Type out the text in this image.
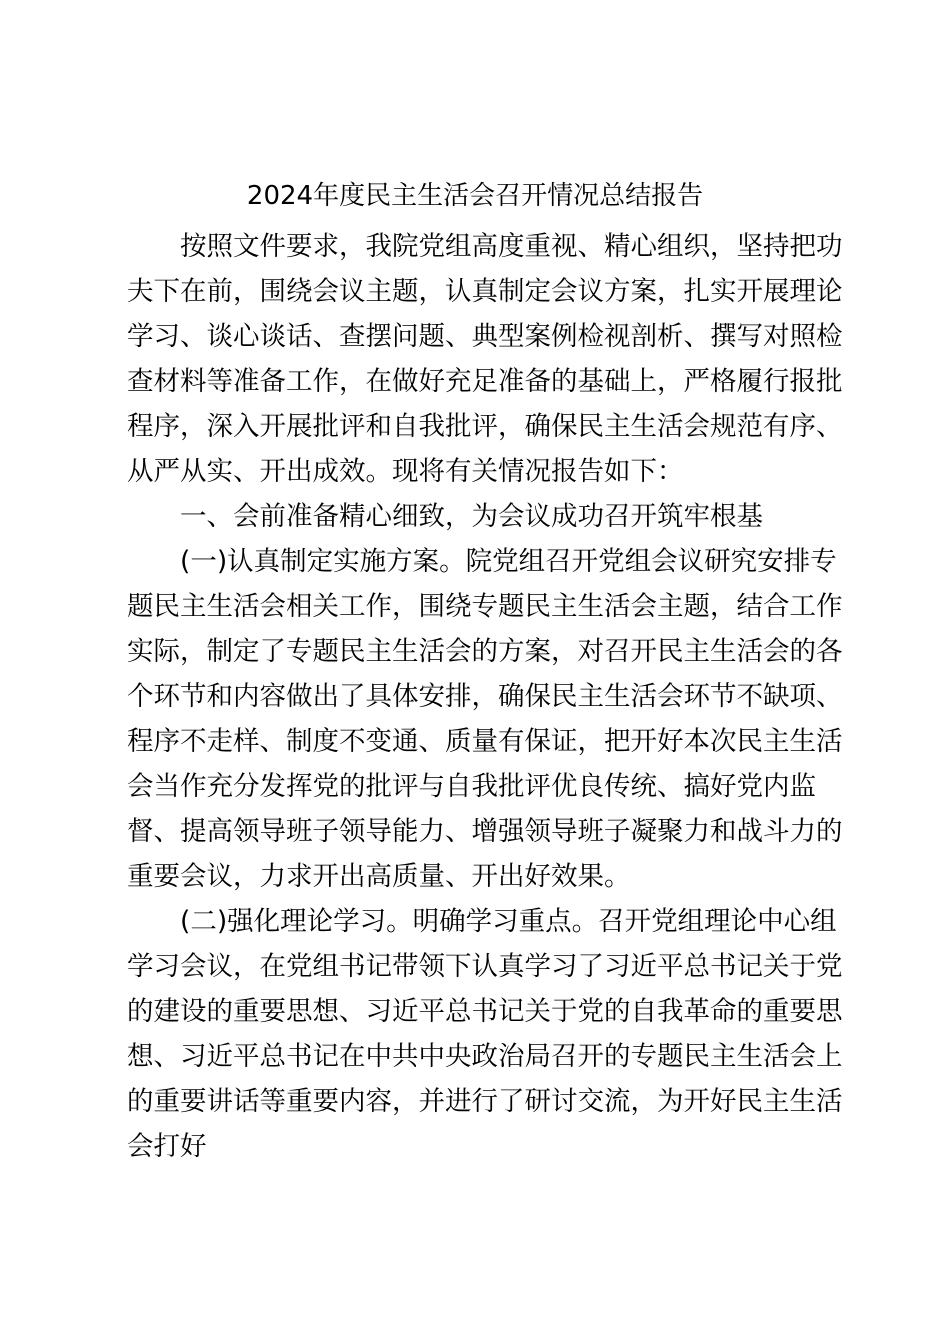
2024年度民主生活会召开情况总结报告
按照文件要求，我院党组高度重视、精心组织，坚持把功
夫下在前，围绕会议主题，认真制定会议方案，扎实开展理论
学习、谈心谈话、查摆问题、典型案例检视剖析、撰写对照检
查材料等准备工作，在做好充足准备的基础上，严格履行报批
程序，深入开展批评和自我批评，确保民主生活会规范有序、
从严从实、开出成效。现将有关情况报告如下：
一、会前准备精心细致，为会议成功召开筑牢根基
(一)认真制定实施方案。院党组召开党组会议研究安排专
题民主生活会相关工作，围绕专题民主生活会主题，结合工作
实际，制定了专题民主生活会的方案，对召开民主生活会的各
个环节和内容做出了具体安排，确保民主生活会环节不缺项、
程序不走样、制度不变通、质量有保证，把开好本次民主生活
会当作充分发挥党的批评与自我批评优良传统、搞好党内监
督、提高领导班子领导能力、增强领导班子凝聚力和战斗力的
重要会议，力求开出高质量、开出好效果。
(二)强化理论学习。明确学习重点。召开党组理论中心组
学习会议，在党组书记带领下认真学习了习近平总书记关于党
的建设的重要思想、习近平总书记关于党的自我革命的重要思
想、习近平总书记在中共中央政治局召开的专题民主生活会上
的重要讲话等重要内容，并进行了研讨交流，为开好民主生活
会打好
